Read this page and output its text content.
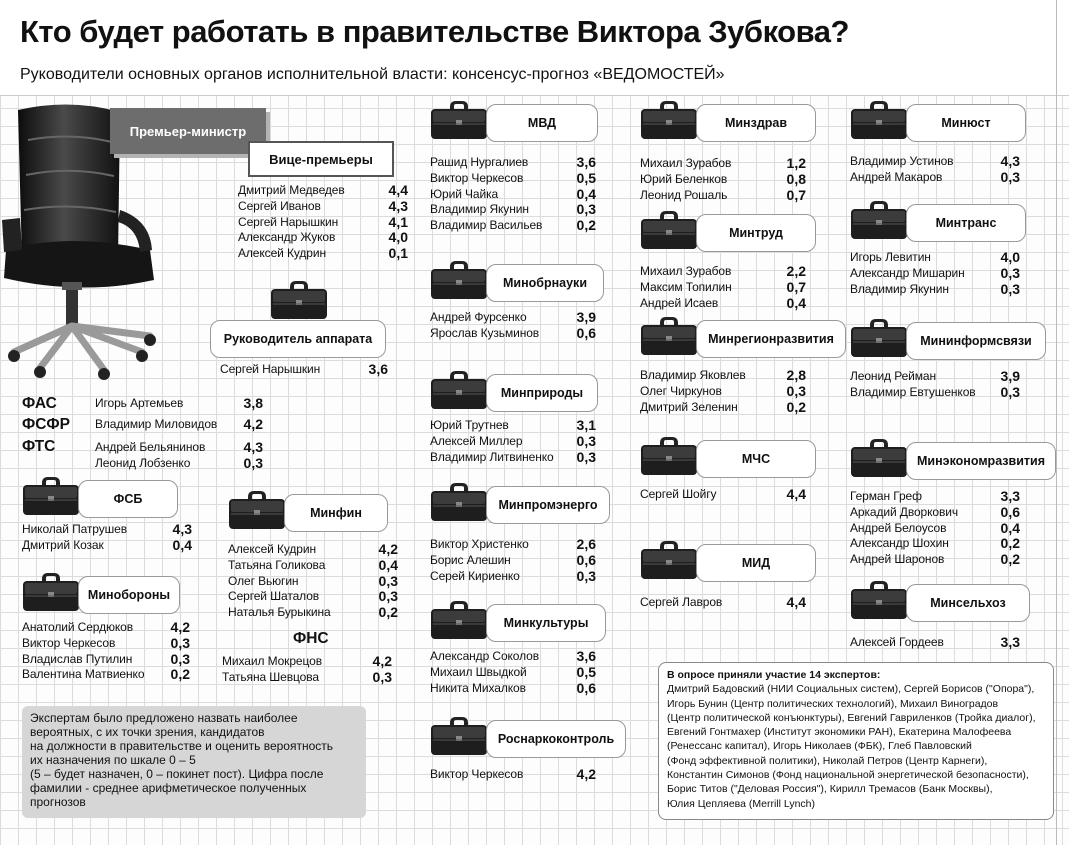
Кто будет работать в правительстве Виктора Зубкова?
Руководители основных органов исполнительной власти: консенсус-прогноз «ВЕДОМОСТЕЙ»
Премьер-министр
Вице-премьеры
Дмитрий Медведев	4,4
Сергей Иванов	4,3
Сергей Нарышкин	4,1
Александр Жуков	4,0
Алексей Кудрин	0,1
Руководитель аппарата
Сергей Нарышкин	3,6
ФАС	Игорь Артемьев	3,8
ФСФР Владимир Миловидов 4,2
ФТС	Андрей Бельянинов	4,3
Леонид Лобзенко	0,3
ФНС
Михаил Мокрецов	4,2
Татьяна Шевцова	0,3
Экспертам было предложено назвать наиболее
вероятных, с их точки зрения, кандидатов
на должности в правительстве и оценить вероятность
их назначения по шкале 0 – 5
(5 – будет назначен, 0 – покинет пост). Цифра после
фамилии - среднее арифметическое полученных
прогнозов
В опросе приняли участие 14 экспертов:
Дмитрий Бадовский (НИИ Социальных систем), Сергей Борисов ("Опора"),
Игорь Бунин (Центр политических технологий), Михаил Виноградов
(Центр политической конъюнктуры), Евгений Гавриленков (Тройка диалог),
Евгений Гонтмахер (Институт экономики РАН), Екатерина Малофеева
(Ренессанс капитал), Игорь Николаев (ФБК), Глеб Павловский
(Фонд эффективной политики), Николай Петров (Центр Карнеги),
Константин Симонов (Фонд национальной энергетической безопасности),
Борис Титов ("Деловая Россия"), Кирилл Тремасов (Банк Москвы),
Юлия Цепляева (Merrill Lynch)
ФСБ
Николай Патрушев	4,3
Дмитрий Козак	0,4
Минобороны
Анатолий Сердюков	4,2
Виктор Черкесов	0,3
Владислав Путилин	0,3
Валентина Матвиенко 0,2
Минфин
Алексей Кудрин	4,2
Татьяна Голикова	0,4
Олег Вьюгин	0,3
Сергей Шаталов	0,3
Наталья Бурыкина	0,2
МВД
Рашид Нургалиев	3,6
Виктор Черкесов	0,5
Юрий Чайка	0,4
Владимир Якунин	0,3
Владимир Васильев 0,2
Минобрнауки
Андрей Фурсенко	3,9
Ярослав Кузьминов	0,6
Минприроды
Юрий Трутнев	3,1
Алексей Миллер	0,3
Владимир Литвиненко 0,3
Минпромэнерго
Виктор Христенко	2,6
Борис Алешин	0,6
Серей Кириенко	0,3
Минкультуры
Александр Соколов	3,6
Михаил Швыдкой	0,5
Никита Михалков	0,6
Роснаркоконтроль
Виктор Черкесов	4,2
Минздрав
Михаил Зурабов	1,2
Юрий Беленков	0,8
Леонид Рошаль	0,7
Минтруд
Михаил Зурабов	2,2
Максим Топилин	0,7
Андрей Исаев	0,4
Минрегионразвития
Владимир Яковлев	2,8
Олег Чиркунов	0,3
Дмитрий Зеленин	0,2
МЧС
Сергей Шойгу	4,4
МИД
Сергей Лавров	4,4
Минюст
Владимир Устинов	4,3
Андрей Макаров	0,3
Минтранс
Игорь Левитин	4,0
Александр Мишарин	0,3
Владимир Якунин	0,3
Мининформсвязи
Леонид Рейман	3,9
Владимир Евтушенков 0,3
Минэкономразвития
Герман Греф	3,3
Аркадий Дворкович	0,6
Андрей Белоусов	0,4
Александр Шохин	0,2
Андрей Шаронов	0,2
Минсельхоз
Алексей Гордеев	3,3
